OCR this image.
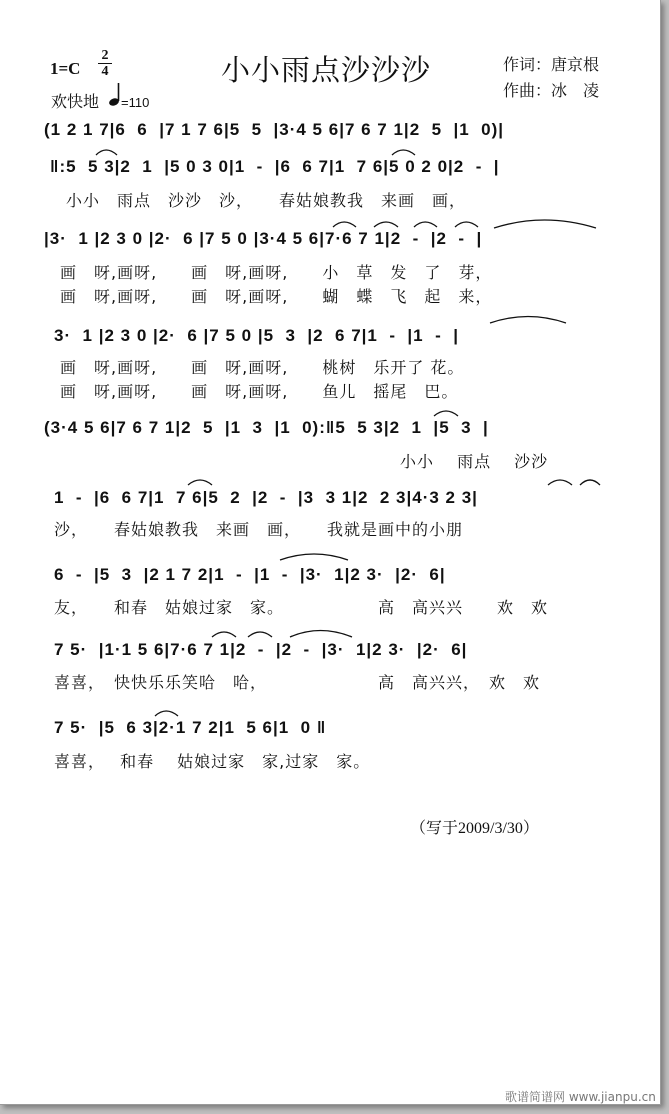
$1=C \frac{2}{4}$	小小雨点沙沙沙	作词：唐京根
作曲：冰　凌
欢快地 =110
(1 2 1 7|6  6  |7 1 7 6|5  5  |3·4 5 6|7 6 7 1|2  5  |1  0)|
‖:5  5 3|2  1  |5 0 3 0|1  -  |6  6 7|1  7 6|5 0 2 0|2  -  |
小小　雨点　沙沙　沙，　　春姑娘教我　来画　画，
|3·  1 |2 3 0 |2·  6 |7 5 0 |3·4 5 6|7·6 7 1|2  -  |2  -  |
画　呀,画呀,　　画　呀,画呀,　　小　草　发　了　芽，
画　呀,画呀,　　画　呀,画呀,　　蝴　蝶　飞　起　来，
3·  1 |2 3 0 |2·  6 |7 5 0 |5  3  |2  6 7|1  -  |1  -  |
画　呀,画呀,　　画　呀,画呀,　　桃树　乐开了 花。
画　呀,画呀,　　画　呀,画呀,　　鱼儿　摇尾　巴。
(3·4 5 6|7 6 7 1|2  5  |1  3  |1  0):‖5  5 3|2  1  |5  3  |
小小　 雨点　 沙沙
1  -  |6  6 7|1  7 6|5  2  |2  -  |3  3 1|2  2 3|4·3 2 3|
沙，　　春姑娘教我　来画　画，　　我就是画中的小朋
6  -  |5  3  |2 1 7 2|1  -  |1  -  |3·  1|2 3·  |2·  6|
友，　　和春　姑娘过家　家。　　　　　　高　高兴兴　　欢　欢
7 5·  |1·1 5 6|7·6 7 1|2  -  |2  -  |3·  1|2 3·  |2·  6|
喜喜，　快快乐乐笑哈　哈，　　　　　　　高　高兴兴，　欢　欢
7 5·  |5  6 3|2·1 7 2|1  5 6|1  0 ‖
喜喜，　 和春　 姑娘过家　家,过家　家。
（写于2009/3/30）
歌谱简谱网 www.jianpu.cn
